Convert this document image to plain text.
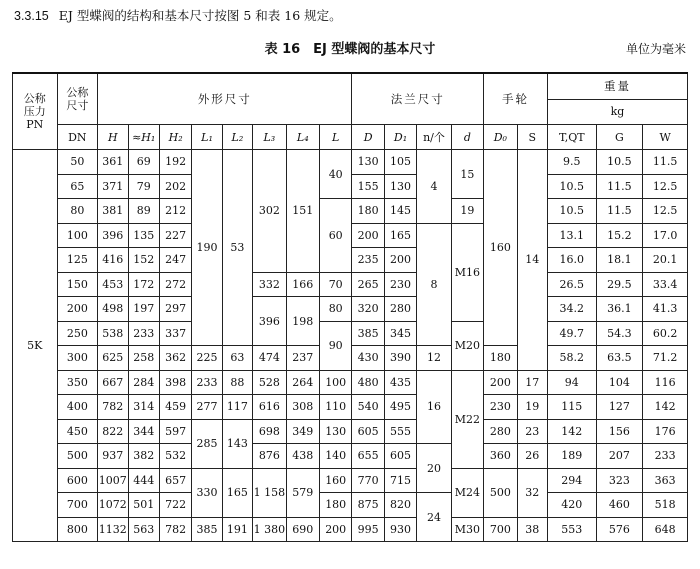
3.3.15 EJ 型蝶阀的结构和基本尺寸按图 5 和表 16 规定。
表 16　EJ 型蝶阀的基本尺寸	单位为毫米
公称
压力
PN	公称
尺寸	外形尺寸								法兰尺寸				手轮		重量		
																kg		
	DN	H	≈H₁	H₂	L₁	L₂	L₃	L₄	L	D	D₁	n/个	d	D₀	S	T,QT	G	W
5K	50	361	69	192	190	53	302	151	40	130	105	4	15	160	14	9.5	10.5	11.5
	65	371	79	202						155	130					10.5	11.5	12.5
	80	381	89	212					60	180	145		19			10.5	11.5	12.5
	100	396	135	227						200	165	8	M16			13.1	15.2	17.0
	125	416	152	247						235	200					16.0	18.1	20.1
	150	453	172	272			332	166	70	265	230					26.5	29.5	33.4
	200	498	197	297			396	198	80	320	280					34.2	36.1	41.3
	250	538	233	337					90	385	345		M20			49.7	54.3	60.2
	300	625	258	362	225	63	474	237		430	390	12		180		58.2	63.5	71.2
	350	667	284	398	233	88	528	264	100	480	435	16	M22	200	17	94	104	116
	400	782	314	459	277	117	616	308	110	540	495			230	19	115	127	142
	450	822	344	597	285	143	698	349	130	605	555			280	23	142	156	176
	500	937	382	532			876	438	140	655	605	20		360	26	189	207	233
	600	1007	444	657	330	165	1 158	579	160	770	715		M24	500	32	294	323	363
	700	1072	501	722					180	875	820	24				420	460	518
	800	1132	563	782	385	191	1 380	690	200	995	930		M30	700	38	553	576	648
